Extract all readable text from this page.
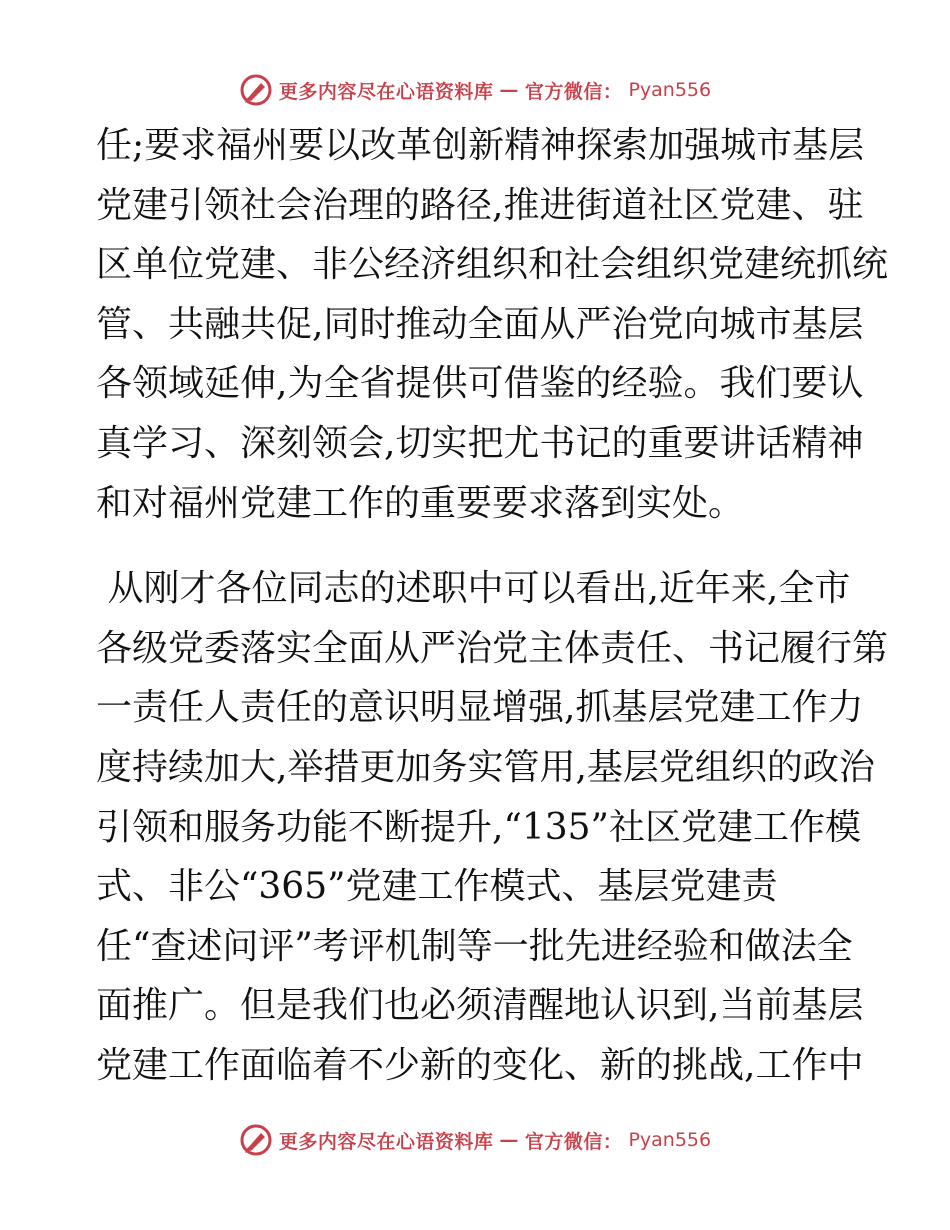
更多内容尽在心语资料库 — 官方微信： Pyan556
任;要求福州要以改革创新精神探索加强城市基层
党建引领社会治理的路径,推进街道社区党建、驻
区单位党建、非公经济组织和社会组织党建统抓统
管、共融共促,同时推动全面从严治党向城市基层
各领域延伸,为全省提供可借鉴的经验。我们要认
真学习、深刻领会,切实把尤书记的重要讲话精神
和对福州党建工作的重要要求落到实处。
从刚才各位同志的述职中可以看出,近年来,全市
各级党委落实全面从严治党主体责任、书记履行第
一责任人责任的意识明显增强,抓基层党建工作力
度持续加大,举措更加务实管用,基层党组织的政治
引领和服务功能不断提升,“135”社区党建工作模
式、非公“365”党建工作模式、基层党建责
任“查述问评”考评机制等一批先进经验和做法全
面推广。但是我们也必须清醒地认识到,当前基层
党建工作面临着不少新的变化、新的挑战,工作中
更多内容尽在心语资料库 — 官方微信： Pyan556
